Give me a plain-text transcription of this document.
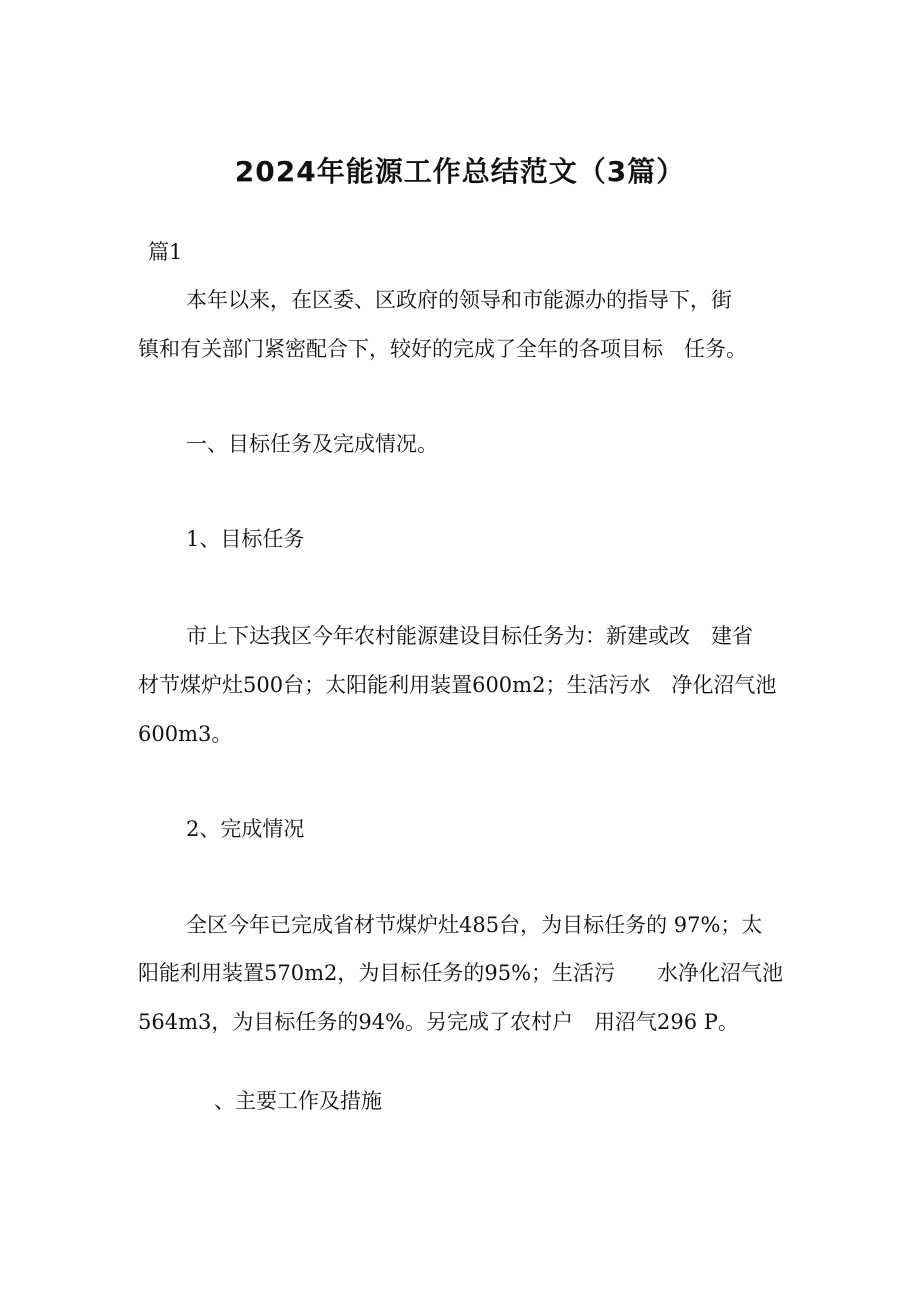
2024年能源工作总结范文（3篇）

篇1

本年以来，在区委、区政府的领导和市能源办的指导下，街

镇和有关部门紧密配合下，较好的完成了全年的各项目标　任务。

一、目标任务及完成情况。

1、目标任务

市上下达我区今年农村能源建设目标任务为：新建或改　建省

材节煤炉灶500台；太阳能利用装置600m2；生活污水　净化沼气池

600m3。

2、完成情况

全区今年已完成省材节煤炉灶485台，为目标任务的 97%；太

阳能利用装置570m2，为目标任务的95%；生活污　　水净化沼气池

564m3，为目标任务的94%。另完成了农村户　用沼气296 P。

、主要工作及措施
